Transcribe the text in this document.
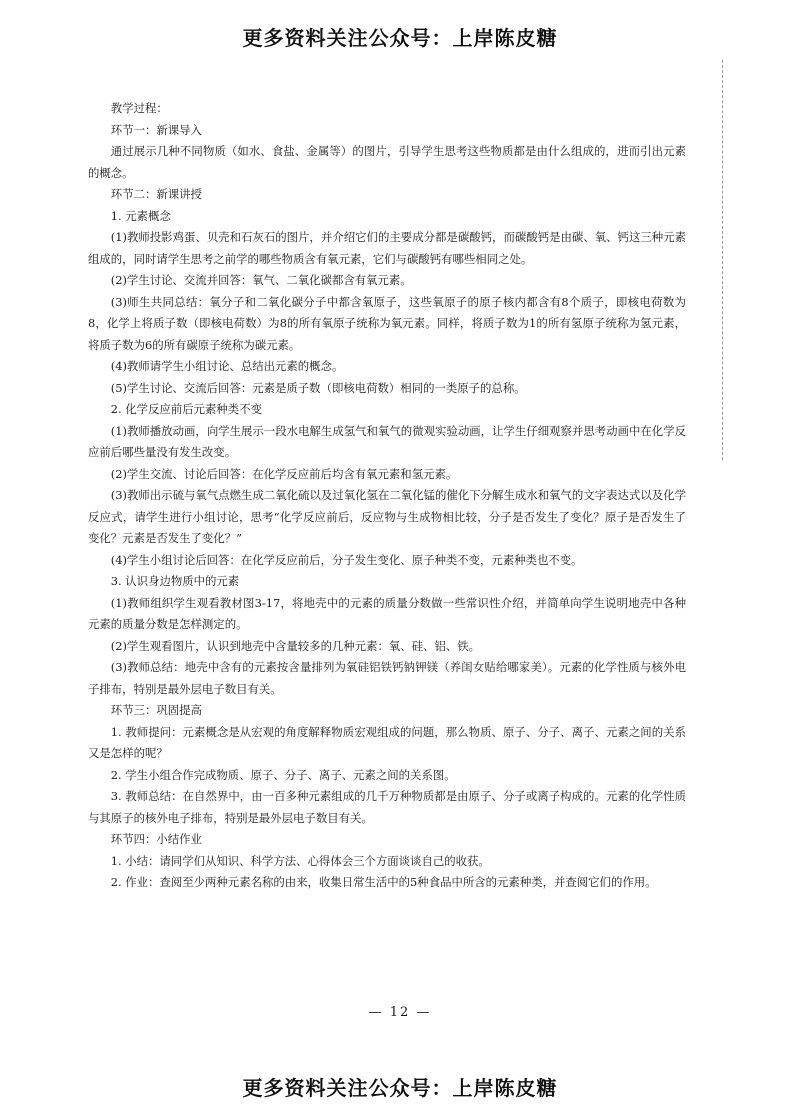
更多资料关注公众号：上岸陈皮糖

教学过程：

环节一：新课导入

通过展示几种不同物质（如水、食盐、金属等）的图片，引导学生思考这些物质都是由什么组成的，进而引出元素的概念。

环节二：新课讲授

1. 元素概念

(1)教师投影鸡蛋、贝壳和石灰石的图片，并介绍它们的主要成分都是碳酸钙，而碳酸钙是由碳、氧、钙这三种元素组成的，同时请学生思考之前学的哪些物质含有氧元素，它们与碳酸钙有哪些相同之处。

(2)学生讨论、交流并回答：氧气、二氧化碳都含有氧元素。

(3)师生共同总结：氧分子和二氧化碳分子中都含氧原子，这些氧原子的原子核内都含有8个质子，即核电荷数为8，化学上将质子数（即核电荷数）为8的所有氧原子统称为氧元素。同样，将质子数为1的所有氢原子统称为氢元素，将质子数为6的所有碳原子统称为碳元素。

(4)教师请学生小组讨论、总结出元素的概念。

(5)学生讨论、交流后回答：元素是质子数（即核电荷数）相同的一类原子的总称。

2. 化学反应前后元素种类不变

(1)教师播放动画，向学生展示一段水电解生成氢气和氧气的微观实验动画，让学生仔细观察并思考动画中在化学反应前后哪些量没有发生改变。

(2)学生交流、讨论后回答：在化学反应前后均含有氧元素和氢元素。

(3)教师出示硫与氧气点燃生成二氧化硫以及过氧化氢在二氧化锰的催化下分解生成水和氧气的文字表达式以及化学反应式，请学生进行小组讨论，思考“化学反应前后，反应物与生成物相比较，分子是否发生了变化？原子是否发生了变化？元素是否发生了变化？”

(4)学生小组讨论后回答：在化学反应前后，分子发生变化、原子种类不变，元素种类也不变。

3. 认识身边物质中的元素

(1)教师组织学生观看教材图3-17，将地壳中的元素的质量分数做一些常识性介绍，并简单向学生说明地壳中各种元素的质量分数是怎样测定的。

(2)学生观看图片，认识到地壳中含量较多的几种元素：氧、硅、铝、铁。

(3)教师总结：地壳中含有的元素按含量排列为氧硅铝铁钙钠钾镁（养闺女贴给哪家美）。元素的化学性质与核外电子排布，特别是最外层电子数目有关。

环节三：巩固提高

1. 教师提问：元素概念是从宏观的角度解释物质宏观组成的问题，那么物质、原子、分子、离子、元素之间的关系又是怎样的呢？

2. 学生小组合作完成物质、原子、分子、离子、元素之间的关系图。

3. 教师总结：在自然界中，由一百多种元素组成的几千万种物质都是由原子、分子或离子构成的。元素的化学性质与其原子的核外电子排布，特别是最外层电子数目有关。

环节四：小结作业

1. 小结：请同学们从知识、科学方法、心得体会三个方面谈谈自己的收获。

2. 作业：查阅至少两种元素名称的由来，收集日常生活中的5种食品中所含的元素种类，并查阅它们的作用。

— 12 —
更多资料关注公众号：上岸陈皮糖
